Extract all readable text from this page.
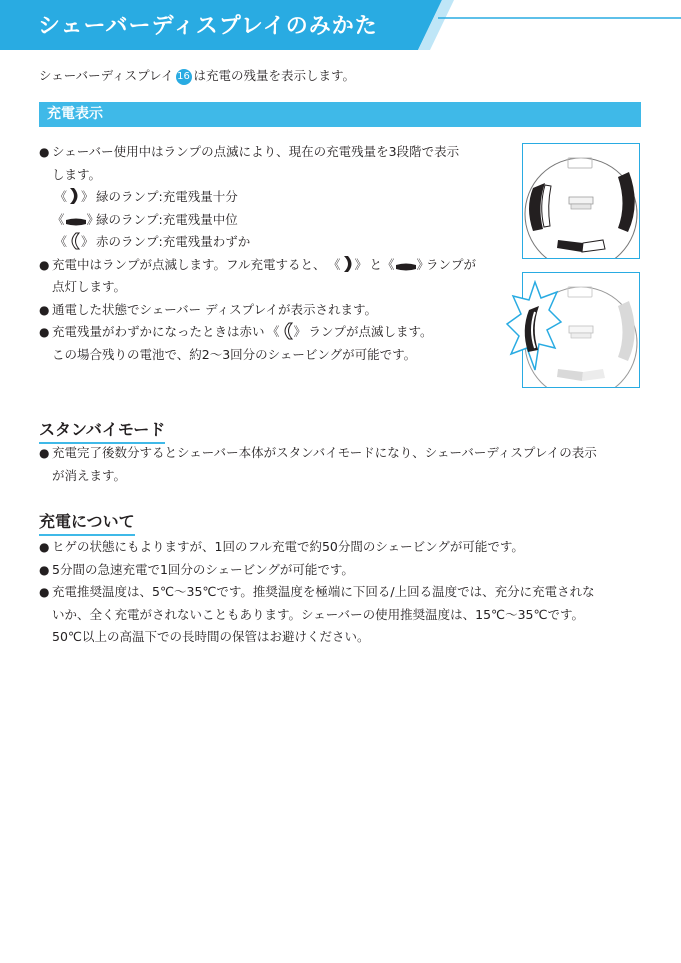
シェーバーディスプレイのみかた
シェーバーディスプレイ 16 は充電の残量を表示します。
充電表示
● シェーバー使用中はランプの点滅により、現在の充電残量を3段階で表示
します。
《 》 緑のランプ:充電残量十分
《 》緑のランプ:充電残量中位
《 》 赤のランプ:充電残量わずか
● 充電中はランプが点滅します。フル充電すると、 《 》 と《 》ランプが
点灯します。
● 通電した状態でシェーバー ディスプレイが表示されます。
● 充電残量がわずかになったときは赤い 《 》 ランプが点滅します。
この場合残りの電池で、約2～3回分のシェービングが可能です。
スタンバイモード
● 充電完了後数分するとシェーバー本体がスタンバイモードになり、シェーバーディスプレイの表示
が消えます。
充電について
● ヒゲの状態にもよりますが、1回のフル充電で約50分間のシェービングが可能です。
● 5分間の急速充電で1回分のシェービングが可能です。
● 充電推奨温度は、5℃～35℃です。推奨温度を極端に下回る/上回る温度では、充分に充電されな
いか、全く充電がされないこともあります。シェーバーの使用推奨温度は、15℃～35℃です。
50℃以上の高温下での長時間の保管はお避けください。
